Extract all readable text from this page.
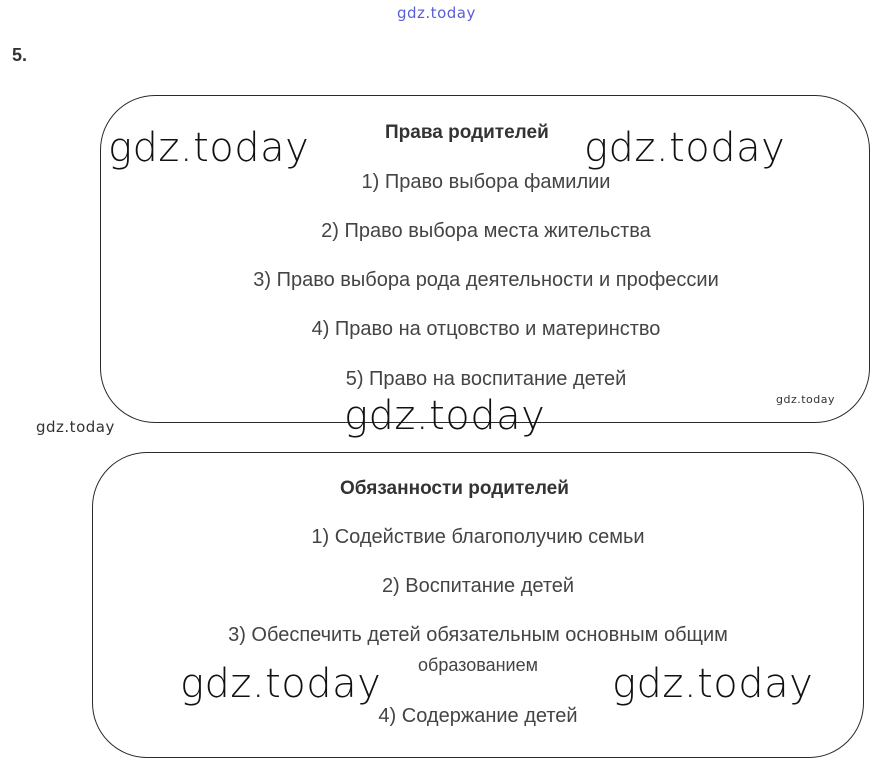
gdz.today
5.
Права родителей
1) Право выбора фамилии
2) Право выбора места жительства
3) Право выбора рода деятельности и профессии
4) Право на отцовство и материнство
5) Право на воспитание детей
Обязанности родителей
1) Содействие благополучию семьи
2) Воспитание детей
3) Обеспечить детей обязательным основным общим
образованием
4) Содержание детей
gdz.today	gdz.today
gdz.today
gdz.today
gdz.today
gdz.today	gdz.today
